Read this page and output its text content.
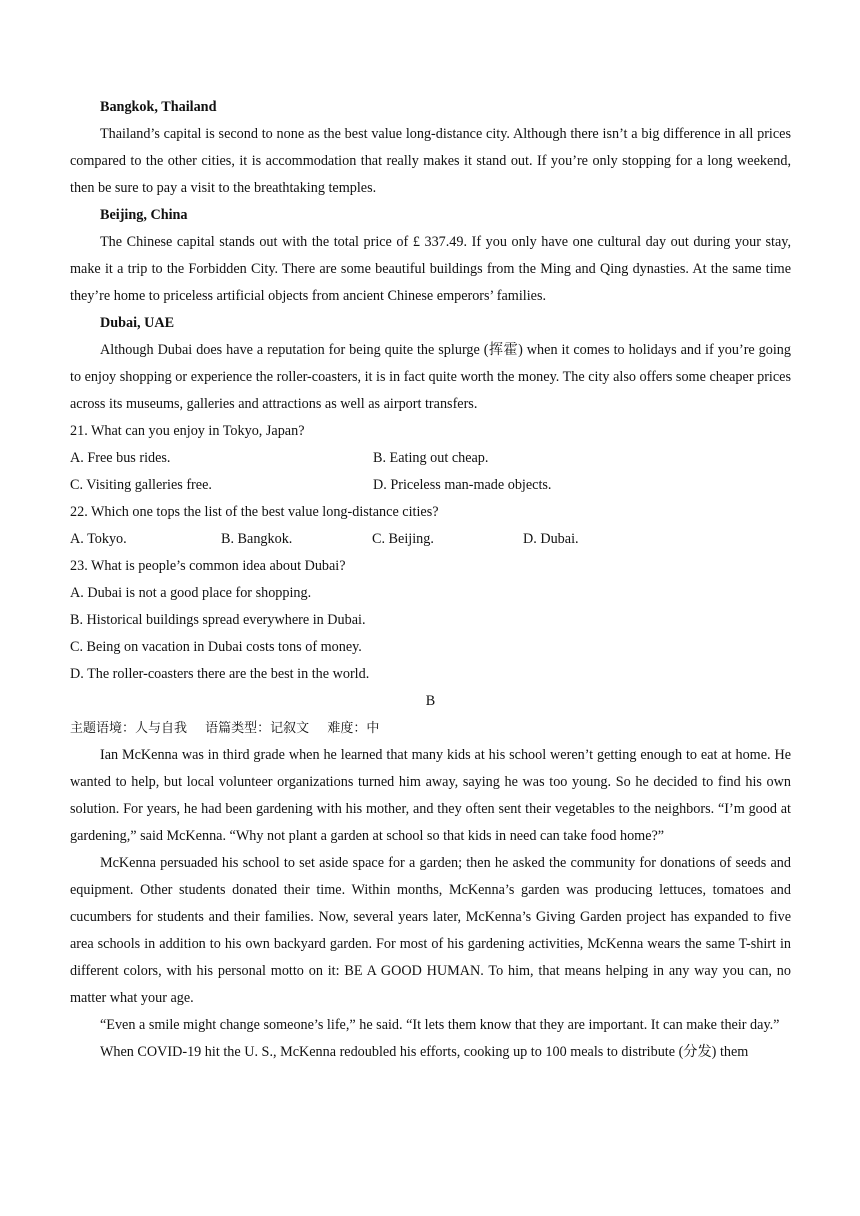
Bangkok, Thailand

Thailand’s capital is second to none as the best value long-distance city. Although there isn’t a big difference in all prices compared to the other cities, it is accommodation that really makes it stand out. If you’re only stopping for a long weekend, then be sure to pay a visit to the breathtaking temples.

Beijing, China

The Chinese capital stands out with the total price of £ 337.49. If you only have one cultural day out during your stay, make it a trip to the Forbidden City. There are some beautiful buildings from the Ming and Qing dynasties. At the same time they’re home to priceless artificial objects from ancient Chinese emperors’ families.

Dubai, UAE

Although Dubai does have a reputation for being quite the splurge (挥霍) when it comes to holidays and if you’re going to enjoy shopping or experience the roller-coasters, it is in fact quite worth the money. The city also offers some cheaper prices across its museums, galleries and attractions as well as airport transfers.

21. What can you enjoy in Tokyo, Japan?

A. Free bus rides.	B. Eating out cheap.
C. Visiting galleries free.	D. Priceless man-made objects.

22. Which one tops the list of the best value long-distance cities?

A. Tokyo.	B. Bangkok.	C. Beijing.	D. Dubai.

23. What is people’s common idea about Dubai?

A. Dubai is not a good place for shopping.

B. Historical buildings spread everywhere in Dubai.

C. Being on vacation in Dubai costs tons of money.

D. The roller-coasters there are the best in the world.

B

主题语境：人与自我 语篇类型：记叙文 难度：中

Ian McKenna was in third grade when he learned that many kids at his school weren’t getting enough to eat at home. He wanted to help, but local volunteer organizations turned him away, saying he was too young. So he decided to find his own solution. For years, he had been gardening with his mother, and they often sent their vegetables to the neighbors. “I’m good at gardening,” said McKenna. “Why not plant a garden at school so that kids in need can take food home?”

McKenna persuaded his school to set aside space for a garden; then he asked the community for donations of seeds and equipment. Other students donated their time. Within months, McKenna’s garden was producing lettuces, tomatoes and cucumbers for students and their families. Now, several years later, McKenna’s Giving Garden project has expanded to five area schools in addition to his own backyard garden. For most of his gardening activities, McKenna wears the same T-shirt in different colors, with his personal motto on it: BE A GOOD HUMAN. To him, that means helping in any way you can, no matter what your age.

“Even a smile might change someone’s life,” he said. “It lets them know that they are important. It can make their day.”

When COVID-19 hit the U. S., McKenna redoubled his efforts, cooking up to 100 meals to distribute (分发) them
